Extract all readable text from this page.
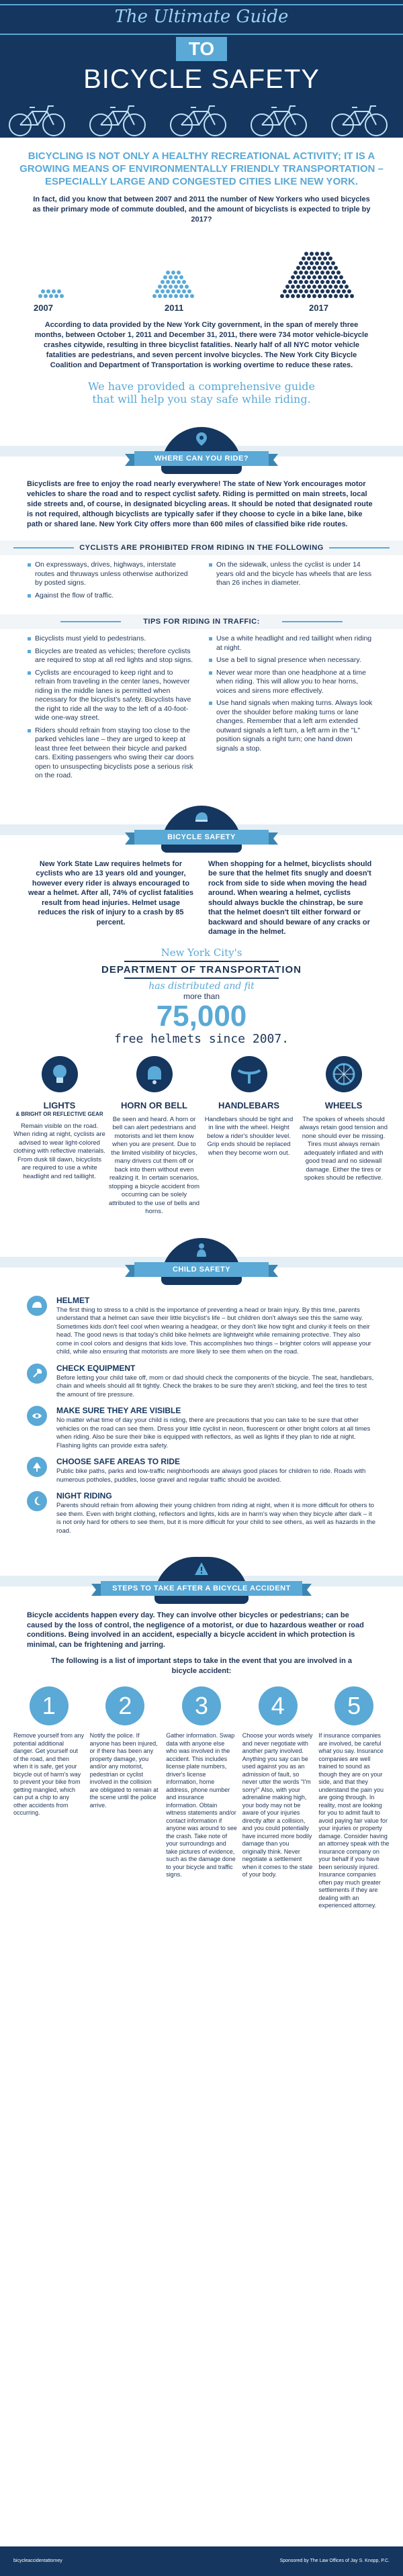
The Ultimate Guide
TO
BICYCLE SAFETY
BICYCLING IS NOT ONLY A HEALTHY RECREATIONAL ACTIVITY; IT IS A GROWING MEANS OF ENVIRONMENTALLY FRIENDLY TRANSPORTATION – ESPECIALLY LARGE AND CONGESTED CITIES LIKE NEW YORK.
In fact, did you know that between 2007 and 2011 the number of New Yorkers who used bicycles as their primary mode of commute doubled, and the amount of bicyclists is expected to triple by 2017?
2007	2011	2017
According to data provided by the New York City government, in the span of merely three months, between October 1, 2011 and December 31, 2011, there were 734 motor vehicle-bicycle crashes citywide, resulting in three bicyclist fatalities. Nearly half of all NYC motor vehicle fatalities are pedestrians, and seven percent involve bicycles. The New York City Bicycle Coalition and Department of Transportation is working overtime to reduce these rates.
We have provided a comprehensive guide that will help you stay safe while riding.
WHERE CAN YOU RIDE?
Bicyclists are free to enjoy the road nearly everywhere! The state of New York encourages motor vehicles to share the road and to respect cyclist safety. Riding is permitted on main streets, local side streets and, of course, in designated bicycling areas. It should be noted that designated route is not required, although bicyclists are typically safer if they choose to cycle in a bike lane, bike path or shared lane. New York City offers more than 600 miles of classified bike ride routes.
CYCLISTS ARE PROHIBITED FROM RIDING IN THE FOLLOWING
On expressways, drives, highways, interstate routes and thruways unless otherwise authorized by posted signs.
Against the flow of traffic.
On the sidewalk, unless the cyclist is under 14 years old and the bicycle has wheels that are less than 26 inches in diameter.
TIPS FOR RIDING IN TRAFFIC:
Bicyclists must yield to pedestrians.
Bicycles are treated as vehicles; therefore cyclists are required to stop at all red lights and stop signs.
Cyclists are encouraged to keep right and to refrain from traveling in the center lanes, however riding in the middle lanes is permitted when necessary for the bicyclist's safety. Bicyclists have the right to ride all the way to the left of a 40-foot-wide one-way street.
Riders should refrain from staying too close to the parked vehicles lane – they are urged to keep at least three feet between their bicycle and parked cars. Exiting passengers who swing their car doors open to unsuspecting bicyclists pose a serious risk on the road.
Use a white headlight and red taillight when riding at night.
Use a bell to signal presence when necessary.
Never wear more than one headphone at a time when riding. This will allow you to hear horns, voices and sirens more effectively.
Use hand signals when making turns. Always look over the shoulder before making turns or lane changes. Remember that a left arm extended outward signals a left turn, a left arm in the "L" position signals a right turn; one hand down signals a stop.
BICYCLE SAFETY

New York State Law requires helmets for cyclists who are 13 years old and younger, however every rider is always encouraged to wear a helmet. After all, 74% of cyclist fatalities result from head injuries. Helmet usage reduces the risk of injury to a crash by 85 percent.

When shopping for a helmet, bicyclists should be sure that the helmet fits snugly and doesn't rock from side to side when moving the head around. When wearing a helmet, cyclists should always buckle the chinstrap, be sure that the helmet doesn't tilt either forward or backward and should beware of any cracks or damage in the helmet.

New York City's
DEPARTMENT OF TRANSPORTATION
has distributed and fit
more than
75,000
free helmets since 2007.
LIGHTS
& BRIGHT OR REFLECTIVE GEAR
Remain visible on the road. When riding at night, cyclists are advised to wear light-colored clothing with reflective materials. From dusk till dawn, bicyclists are required to use a white headlight and red taillight.
HORN OR BELL
Be seen and heard. A horn or bell can alert pedestrians and motorists and let them know when you are present. Due to the limited visibility of bicycles, many drivers cut them off or back into them without even realizing it. In certain scenarios, stopping a bicycle accident from occurring can be solely attributed to the use of bells and horns.
HANDLEBARS
Handlebars should be tight and in line with the wheel. Height below a rider's shoulder level. Grip ends should be replaced when they become worn out.
WHEELS
The spokes of wheels should always retain good tension and none should ever be missing. Tires must always remain adequately inflated and with good tread and no sidewall damage. Either the tires or spokes should be reflective.
CHILD SAFETY
HELMET

The first thing to stress to a child is the importance of preventing a head or brain injury. By this time, parents understand that a helmet can save their little bicyclist's life – but children don't always see this the same way. Sometimes kids don't feel cool when wearing a headgear, or they don't like how tight and clunky it feels on their head. The good news is that today's child bike helmets are lightweight while remaining protective. They also come in cool colors and designs that kids love. This accomplishes two things – brighter colors will appease your child, while also ensuring that motorists are more likely to see them when on the road.

CHECK EQUIPMENT

Before letting your child take off, mom or dad should check the components of the bicycle. The seat, handlebars, chain and wheels should all fit tightly. Check the brakes to be sure they aren't sticking, and feel the tires to test the amount of tire pressure.

MAKE SURE THEY ARE VISIBLE

No matter what time of day your child is riding, there are precautions that you can take to be sure that other vehicles on the road can see them. Dress your little cyclist in neon, fluorescent or other bright colors at all times when riding. Also be sure their bike is equipped with reflectors, as well as lights if they plan to ride at night. Flashing lights can provide extra safety.

CHOOSE SAFE AREAS TO RIDE

Public bike paths, parks and low-traffic neighborhoods are always good places for children to ride. Roads with numerous potholes, puddles, loose gravel and regular traffic should be avoided.

NIGHT RIDING

Parents should refrain from allowing their young children from riding at night, when it is more difficult for others to see them. Even with bright clothing, reflectors and lights, kids are in harm's way when they bicycle after dark – it is not only hard for others to see them, but it is more difficult for your child to see others, as well as hazards in the road.

STEPS TO TAKE AFTER A BICYCLE ACCIDENT
Bicycle accidents happen every day. They can involve other bicycles or pedestrians; can be caused by the loss of control, the negligence of a motorist, or due to hazardous weather or road conditions. Being involved in an accident, especially a bicycle accident in which protection is minimal, can be frightening and jarring.
The following is a list of important steps to take in the event that you are involved in a bicycle accident:
1

Remove yourself from any potential additional danger. Get yourself out of the road, and then when it is safe, get your bicycle out of harm's way to prevent your bike from getting mangled, which can put a chip to any other accidents from occurring.

2

Notify the police. If anyone has been injured, or if there has been any property damage, you and/or any motorist, pedestrian or cyclist involved in the collision are obligated to remain at the scene until the police arrive.

3

Gather information. Swap data with anyone else who was involved in the accident. This includes license plate numbers, driver's license information, home address, phone number and insurance information. Obtain witness statements and/or contact information if anyone was around to see the crash. Take note of your surroundings and take pictures of evidence, such as the damage done to your bicycle and traffic signs.

4

Choose your words wisely and never negotiate with another party involved. Anything you say can be used against you as an admission of fault, so never utter the words "I'm sorry!" Also, with your adrenaline making high, your body may not be aware of your injuries directly after a collision, and you could potentially have incurred more bodily damage than you originally think. Never negotiate a settlement when it comes to the state of your body.

5

If insurance companies are involved, be careful what you say. Insurance companies are well trained to sound as though they are on your side, and that they understand the pain you are going through. In reality, most are looking for you to admit fault to avoid paying fair value for your injuries or property damage. Consider having an attorney speak with the insurance company on your behalf if you have been seriously injured. Insurance companies often pay much greater settlements if they are dealing with an experienced attorney.

bicycleaccidentattorney	Sponsored by The Law Offices of Jay S. Knopp, P.C.
